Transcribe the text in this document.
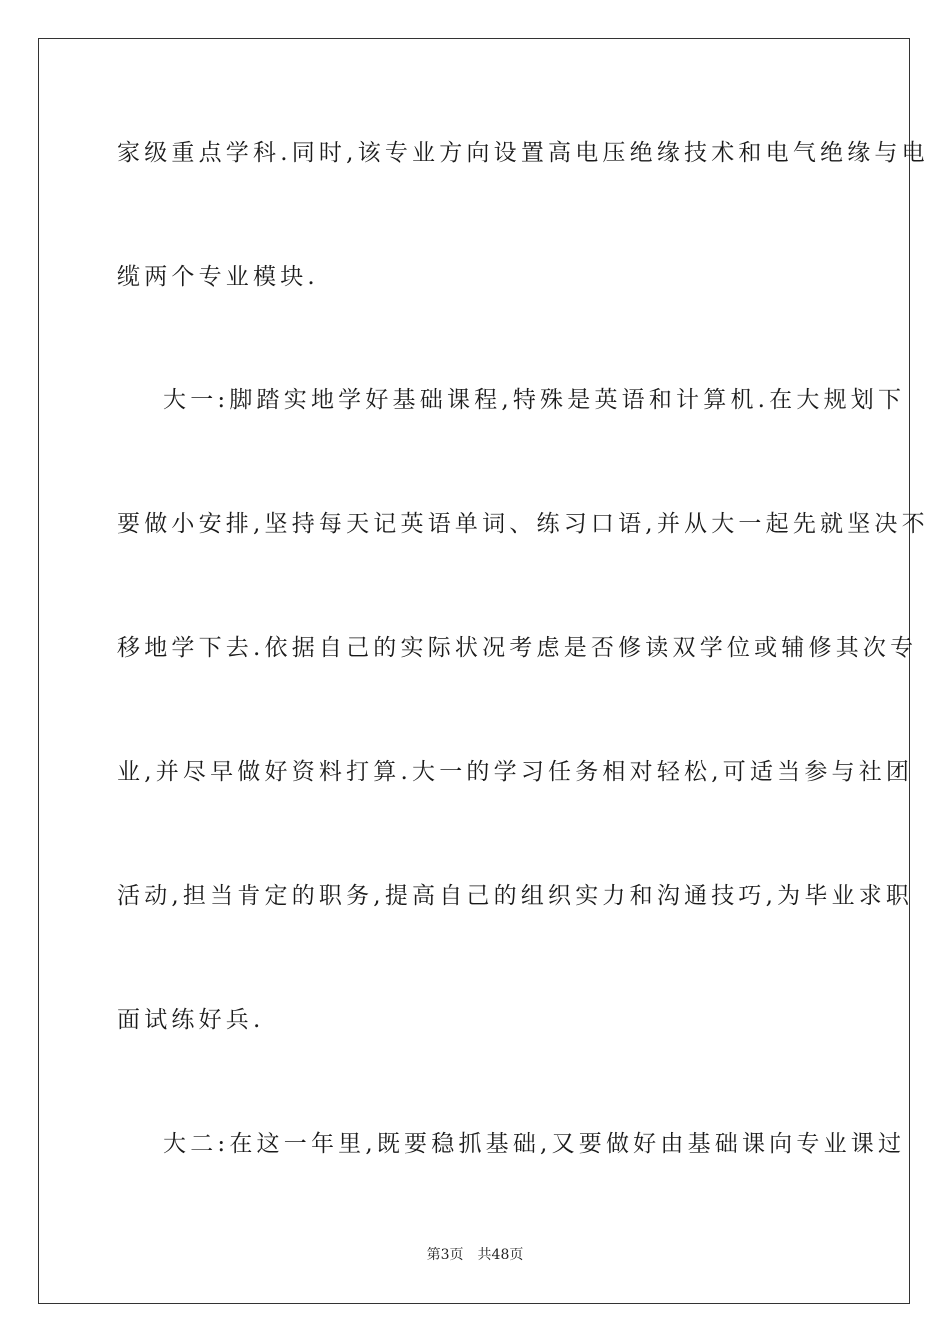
家级重点学科.同时,该专业方向设置高电压绝缘技术和电气绝缘与电
缆两个专业模块.
大一:脚踏实地学好基础课程,特殊是英语和计算机.在大规划下
要做小安排,坚持每天记英语单词、练习口语,并从大一起先就坚决不
移地学下去.依据自己的实际状况考虑是否修读双学位或辅修其次专
业,并尽早做好资料打算.大一的学习任务相对轻松,可适当参与社团
活动,担当肯定的职务,提高自己的组织实力和沟通技巧,为毕业求职
面试练好兵.
大二:在这一年里,既要稳抓基础,又要做好由基础课向专业课过
第3页 共48页
